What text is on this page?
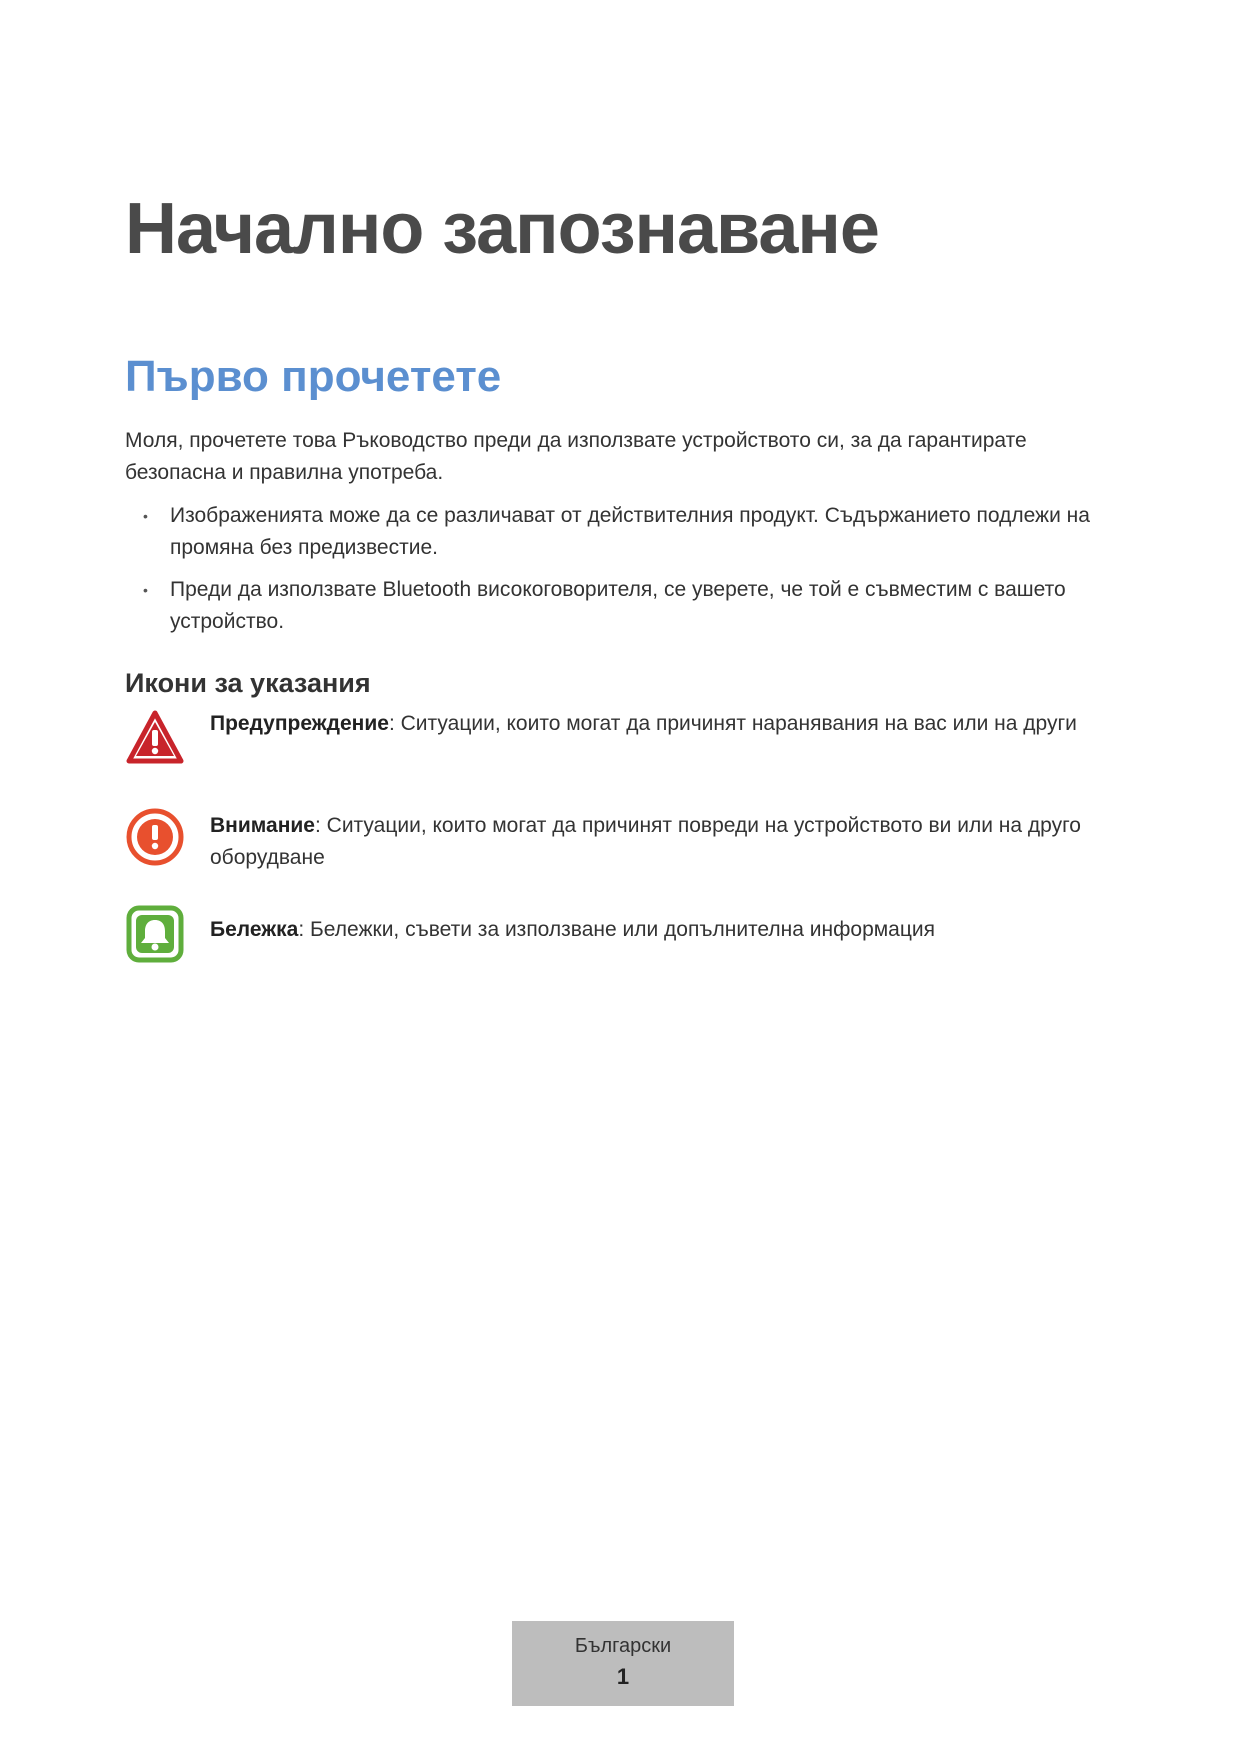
Начално запознаване
Първо прочетете

Моля, прочетете това Ръководство преди да използвате устройството си, за да гарантирате безопасна и правилна употреба.

• Изображенията може да се различават от действителния продукт. Съдържанието подлежи на промяна без предизвестие.
• Преди да използвате Bluetooth високоговорителя, се уверете, че той е съвместим с вашето устройство.
Икони за указания
Предупреждение: Ситуации, които могат да причинят наранявания на вас или на други
Внимание: Ситуации, които могат да причинят повреди на устройството ви или на друго оборудване
Бележка: Бележки, съвети за използване или допълнителна информация
Български
1
